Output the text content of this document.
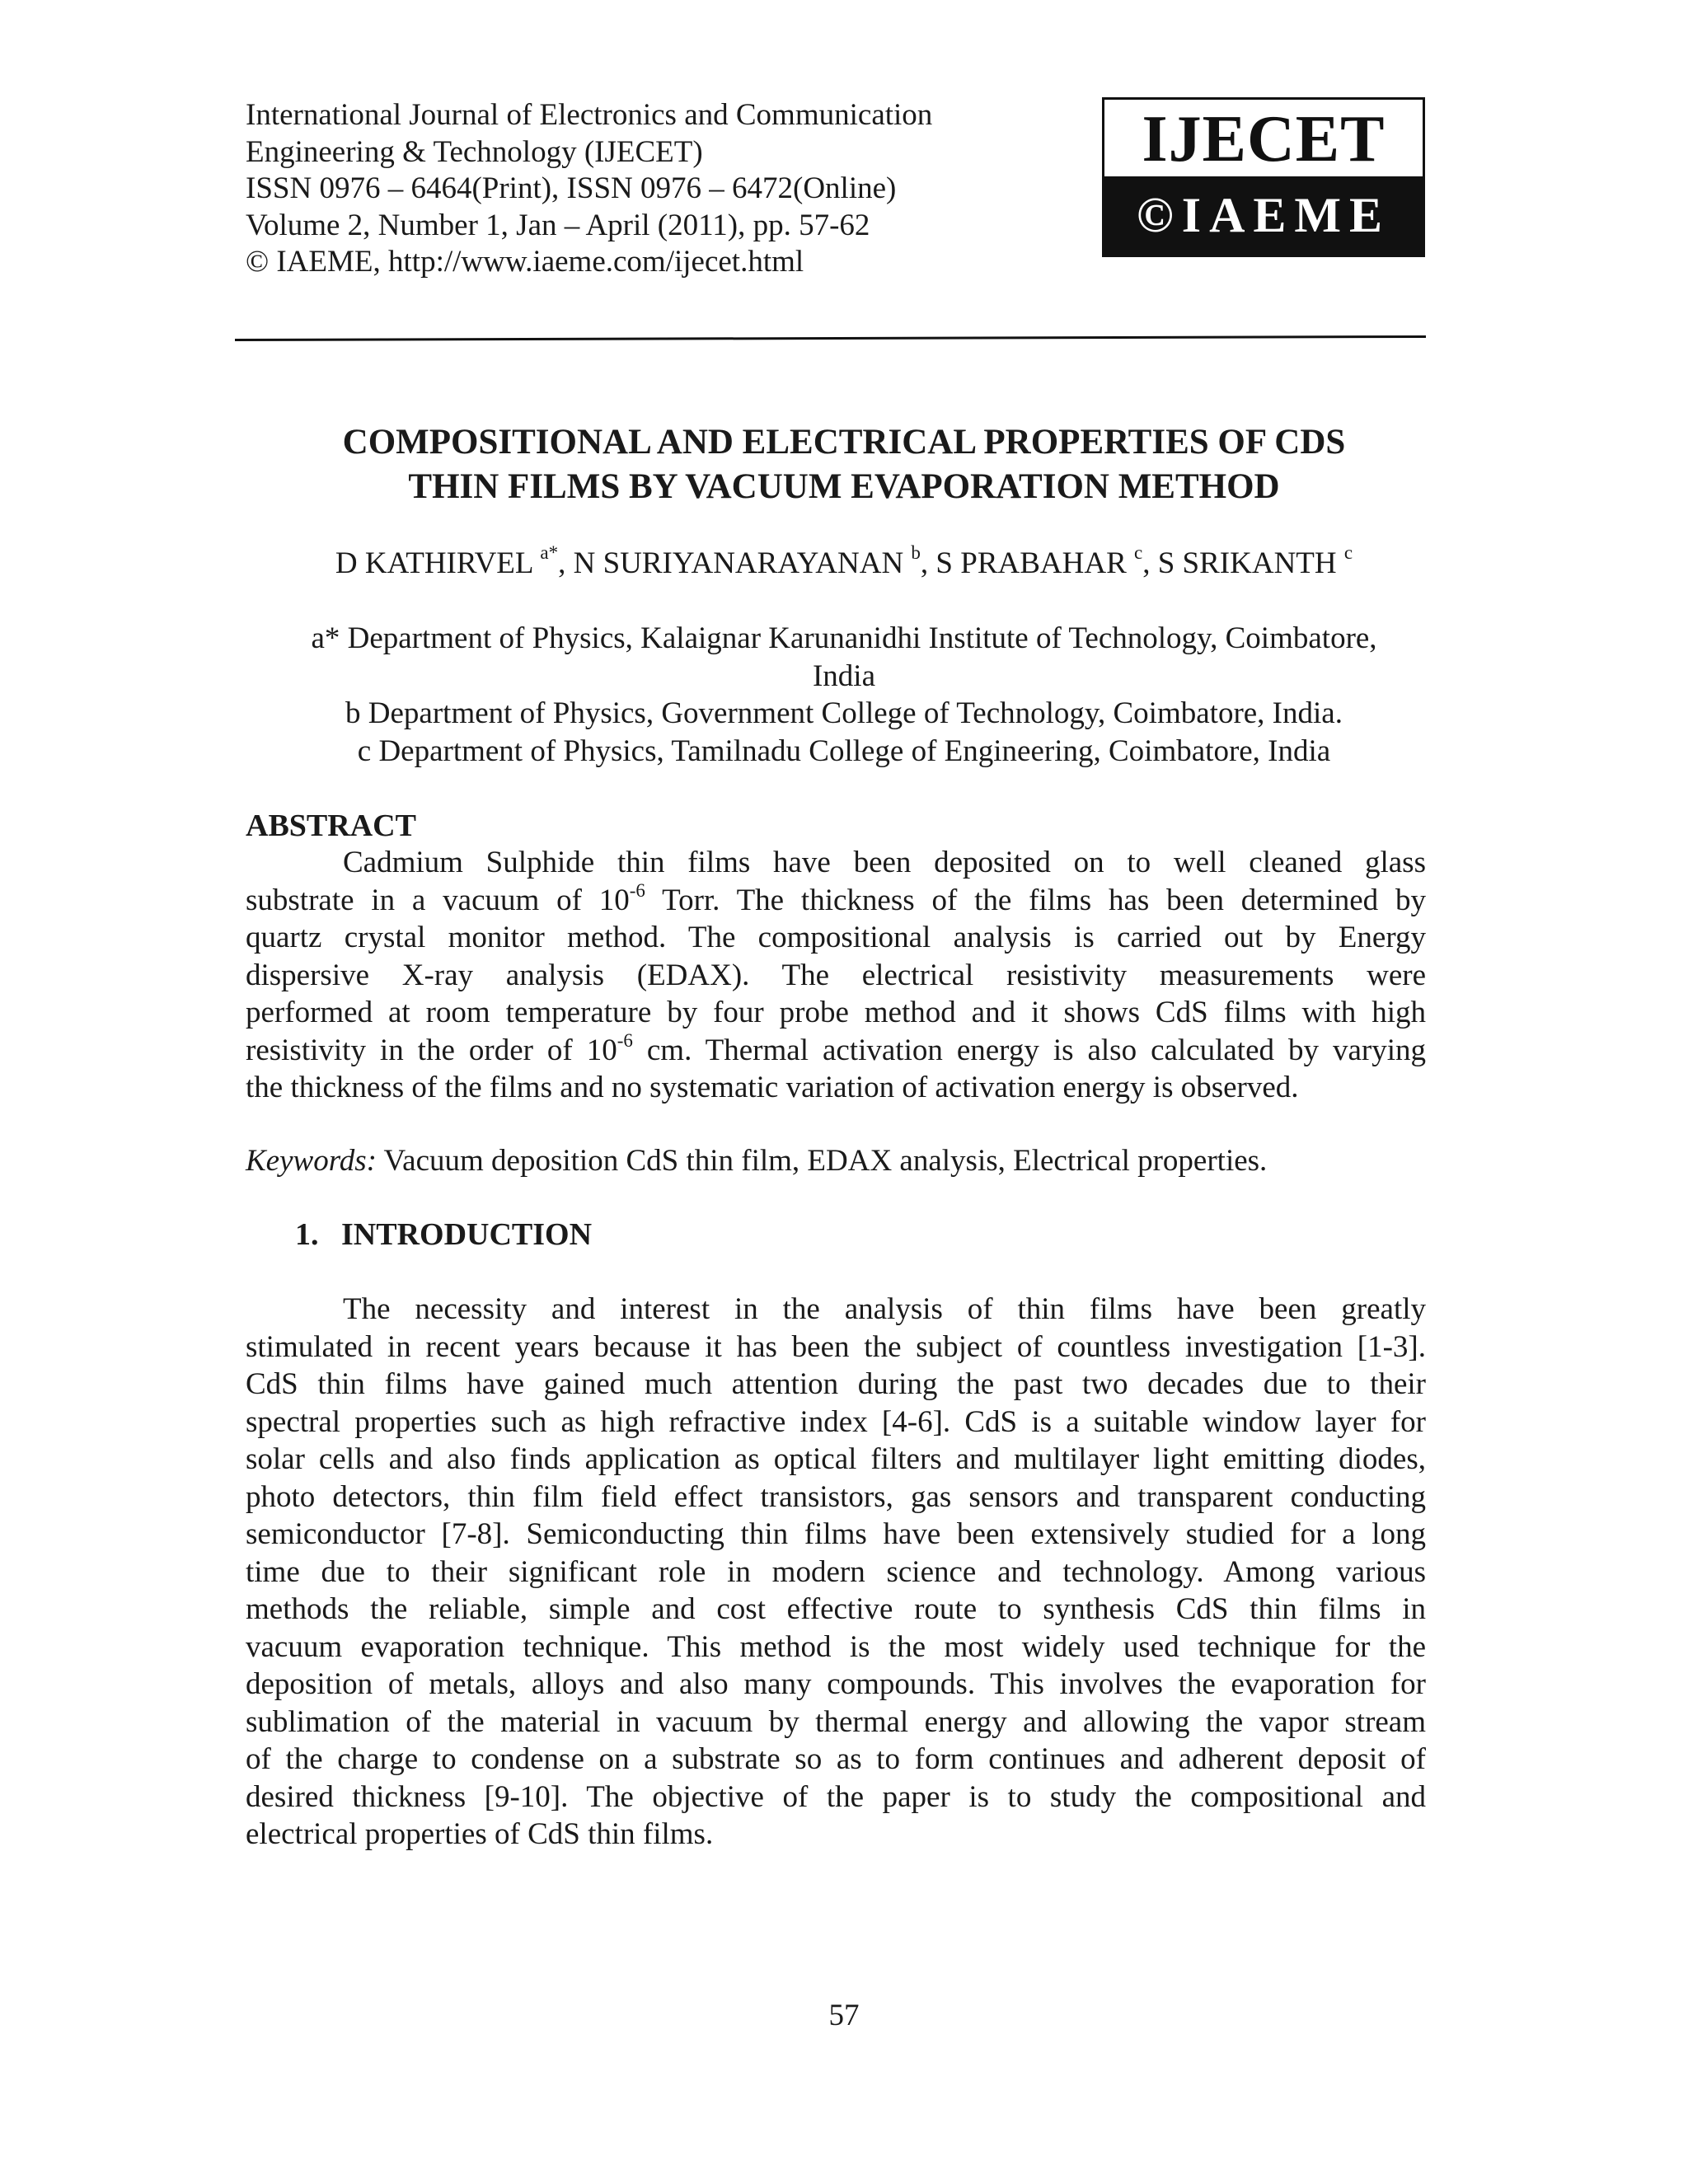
International Journal of Electronics and Communication
Engineering & Technology (IJECET)
ISSN 0976 – 6464(Print), ISSN 0976 – 6472(Online)
Volume 2, Number 1, Jan – April (2011), pp. 57-62
© IAEME, http://www.iaeme.com/ijecet.html
IJECET
©IAEME
COMPOSITIONAL AND ELECTRICAL PROPERTIES OF CDS
THIN FILMS BY VACUUM EVAPORATION METHOD
D KATHIRVEL $^{a*}$, N SURIYANARAYANAN $^b$, S PRABAHAR $^c$, S SRIKANTH $^c$
a* Department of Physics, Kalaignar Karunanidhi Institute of Technology, Coimbatore,
India
b Department of Physics, Government College of Technology, Coimbatore, India.
c Department of Physics, Tamilnadu College of Engineering, Coimbatore, India
ABSTRACT
Cadmium Sulphide thin films have been deposited on to well cleaned glass
substrate in a vacuum of $10^{-6}$ Torr. The thickness of the films has been determined by
quartz crystal monitor method. The compositional analysis is carried out by Energy
dispersive X-ray analysis (EDAX). The electrical resistivity measurements were
performed at room temperature by four probe method and it shows CdS films with high
resistivity in the order of $10^{-6}$ cm. Thermal activation energy is also calculated by varying
the thickness of the films and no systematic variation of activation energy is observed.
Keywords: Vacuum deposition CdS thin film, EDAX analysis, Electrical properties.
1. INTRODUCTION
The necessity and interest in the analysis of thin films have been greatly
stimulated in recent years because it has been the subject of countless investigation [1-3].
CdS thin films have gained much attention during the past two decades due to their
spectral properties such as high refractive index [4-6]. CdS is a suitable window layer for
solar cells and also finds application as optical filters and multilayer light emitting diodes,
photo detectors, thin film field effect transistors, gas sensors and transparent conducting
semiconductor [7-8]. Semiconducting thin films have been extensively studied for a long
time due to their significant role in modern science and technology. Among various
methods the reliable, simple and cost effective route to synthesis CdS thin films in
vacuum evaporation technique. This method is the most widely used technique for the
deposition of metals, alloys and also many compounds. This involves the evaporation for
sublimation of the material in vacuum by thermal energy and allowing the vapor stream
of the charge to condense on a substrate so as to form continues and adherent deposit of
desired thickness [9-10]. The objective of the paper is to study the compositional and
electrical properties of CdS thin films.
57
